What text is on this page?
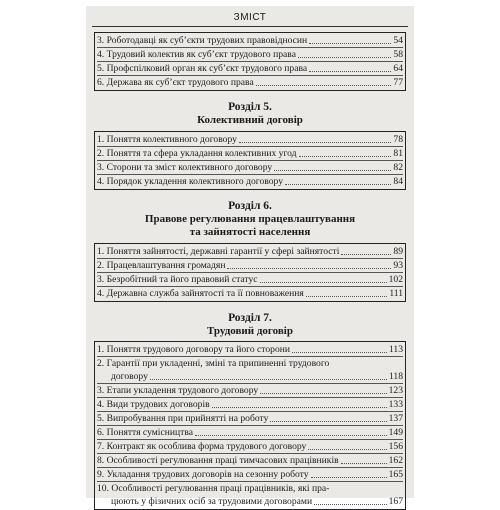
ЗМІСТ
3. Роботодавці як суб’єкти трудових правовідносин	54
4. Трудовий колектив як суб’єкт трудового права	58
5. Профспілковий орган як суб’єкт трудового права	64
6. Держава як суб’єкт трудового права	77
Розділ 5.
Колективний договір
1. Поняття колективного договору	78
2. Поняття та сфера укладання колективних угод	81
3. Сторони та зміст колективного договору	82
4. Порядок укладення колективного договору	84
Розділ 6.
Правове регулювання працевлаштування
та зайнятості населення
1. Поняття зайнятості, державні гарантії у сфері зайнятості	89
2. Працевлаштування громадян	93
3. Безробітний та його правовий статус	102
4. Державна служба зайнятості та її повноваження	111
Розділ 7.
Трудовий договір
1. Поняття трудового договору та його сторони	113
2. Гарантії при укладенні, зміні та припиненні трудового
договору	118
3. Етапи укладення трудового договору	123
4. Види трудових договорів	133
5. Випробування при прийнятті на роботу	137
6. Поняття сумісництва	149
7. Контракт як особлива форма трудового договору	156
8. Особливості регулювання праці тимчасових працівників	162
9. Укладання трудових договорів на сезонну роботу	165
10. Особливості регулювання праці працівників, які пра-
цюють у фізичних осіб за трудовими договорами	167
